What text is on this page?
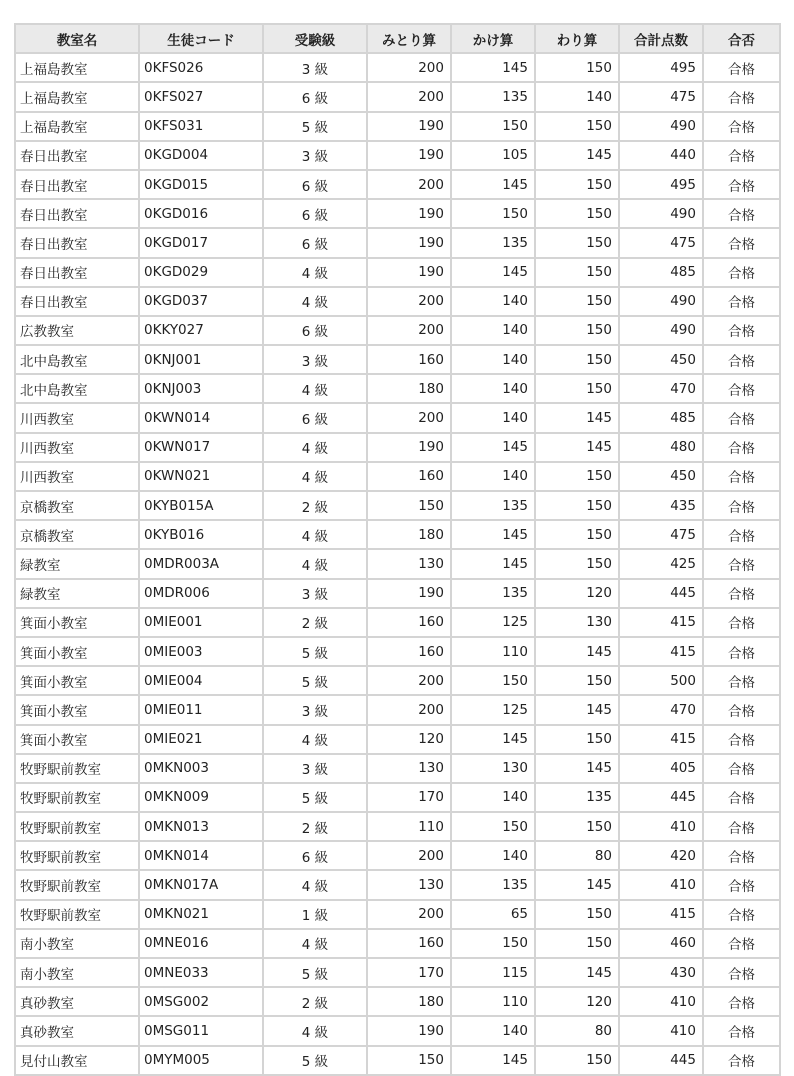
教室名	生徒コード	受験級	みとり算	かけ算	わり算	合計点数	合否
上福島教室	0KFS026	3 級	200	145	150	495	合格
上福島教室	0KFS027	6 級	200	135	140	475	合格
上福島教室	0KFS031	5 級	190	150	150	490	合格
春日出教室	0KGD004	3 級	190	105	145	440	合格
春日出教室	0KGD015	6 級	200	145	150	495	合格
春日出教室	0KGD016	6 級	190	150	150	490	合格
春日出教室	0KGD017	6 級	190	135	150	475	合格
春日出教室	0KGD029	4 級	190	145	150	485	合格
春日出教室	0KGD037	4 級	200	140	150	490	合格
広教教室	0KKY027	6 級	200	140	150	490	合格
北中島教室	0KNJ001	3 級	160	140	150	450	合格
北中島教室	0KNJ003	4 級	180	140	150	470	合格
川西教室	0KWN014	6 級	200	140	145	485	合格
川西教室	0KWN017	4 級	190	145	145	480	合格
川西教室	0KWN021	4 級	160	140	150	450	合格
京橋教室	0KYB015A	2 級	150	135	150	435	合格
京橋教室	0KYB016	4 級	180	145	150	475	合格
緑教室	0MDR003A	4 級	130	145	150	425	合格
緑教室	0MDR006	3 級	190	135	120	445	合格
箕面小教室	0MIE001	2 級	160	125	130	415	合格
箕面小教室	0MIE003	5 級	160	110	145	415	合格
箕面小教室	0MIE004	5 級	200	150	150	500	合格
箕面小教室	0MIE011	3 級	200	125	145	470	合格
箕面小教室	0MIE021	4 級	120	145	150	415	合格
牧野駅前教室	0MKN003	3 級	130	130	145	405	合格
牧野駅前教室	0MKN009	5 級	170	140	135	445	合格
牧野駅前教室	0MKN013	2 級	110	150	150	410	合格
牧野駅前教室	0MKN014	6 級	200	140	80	420	合格
牧野駅前教室	0MKN017A	4 級	130	135	145	410	合格
牧野駅前教室	0MKN021	1 級	200	65	150	415	合格
南小教室	0MNE016	4 級	160	150	150	460	合格
南小教室	0MNE033	5 級	170	115	145	430	合格
真砂教室	0MSG002	2 級	180	110	120	410	合格
真砂教室	0MSG011	4 級	190	140	80	410	合格
見付山教室	0MYM005	5 級	150	145	150	445	合格
